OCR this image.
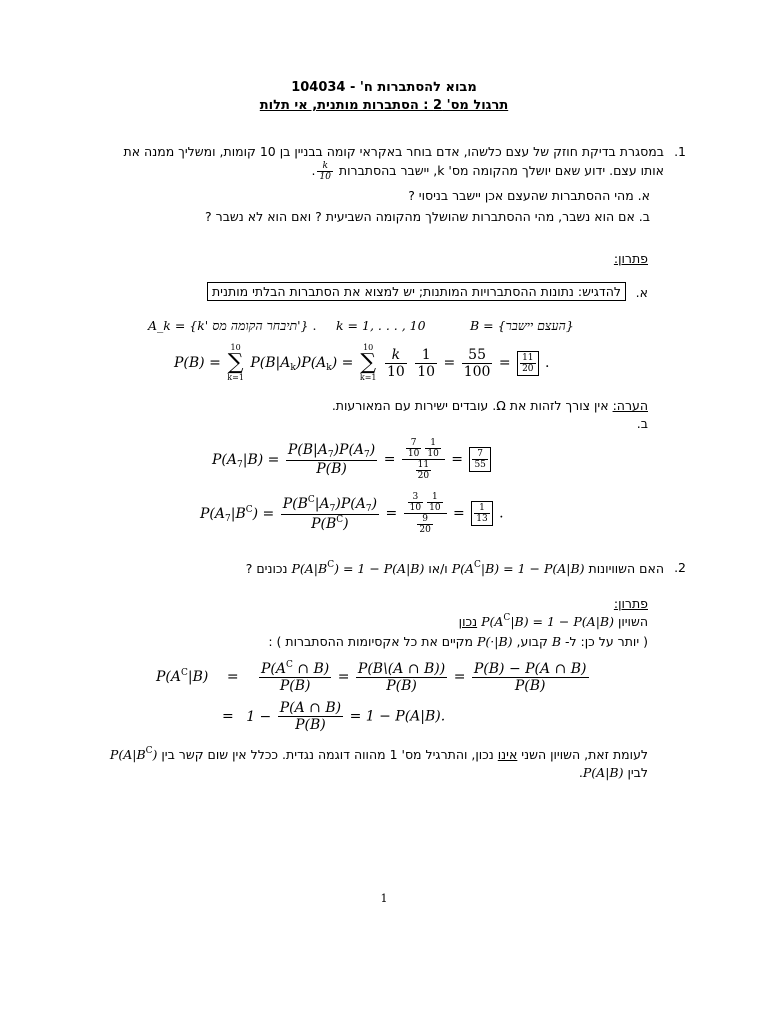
מבוא להסתברות ח' - 104034
תרגול מס' 2 : הסתברות מותנית, אי תלות
1.
במסגרת בדיקת חוזק של עצם כלשהו, אדם בוחר באקראי קומה בבניין בן 10 קומות, ומשליך ממנה את
אותו עצם. ידוע שאם יושלך מהקומה מס' k, יישבר בהסתברות
$\frac{k}{10}$
.
א. מהי ההסתברות שהעצם אכן יישבר בניסוי ?
ב. אם הוא נשבר, מהי ההסתברות שהושלך מהקומה השביעית ? ואם הוא לא נשבר ?
פתרון:
א.
להדגיש: נתונות ההסתברויות המותנות; יש למצוא את הסתברות הבלתי מותנית
B = {העצם יישבר}
k = 1, . . . , 10
A_k = {k' תיבחר הקומה מס'} .
P(B) =
10
∑
k=1
$P(B|A_k)P(A_k)$ =
10
∑
k=1
$\frac{k}{10}$
$\frac{1}{10} = \frac{55}{100} = \frac{11}{20}$ .
הערה: אין צורך לזהות את Ω. עובדים ישירות עם המאורעות.
ב.
$P(A_7|B) = \frac{P(B|A_7)P(A_7)}{P(B)} = \frac{\frac{7}{10} \frac{1}{10}}{\frac{11}{20}} = \frac{7}{55}$
$P(A_7|B^C) = \frac{P(B^C|A_7)P(A_7)}{P(B^C)} = \frac{\frac{3}{10} \frac{1}{10}}{\frac{9}{20}} = \frac{1}{13}$ .
2.
האם השוויונות $P(A^C|B) = 1 - P(A|B)$ ו/או $P(A|B^C) = 1 - P(A|B)$ נכונים ?
פתרון:
השויון $P(A^C|B) = 1 - P(A|B)$ נכון
( יותר על כן: ל- B קבוע, P(·|B) מקיים את כל אקסיומות ההסתברות ) :
$P(A^C|B) = \frac{P(A^C \cap B)}{P(B)} = \frac{P(B\backslash(A \cap B))}{P(B)} = \frac{P(B) - P(A \cap B)}{P(B)}$
= $1 - \frac{P(A \cap B)}{P(B)} = 1 - P(A|B)$.
לעומת זאת, השויון השני אינו נכון, והתרגיל מס' 1 מהווה דוגמה נגדית. ככלל אין שום קשר בין $P(A|B^C)$
לבין P(A|B).
1
